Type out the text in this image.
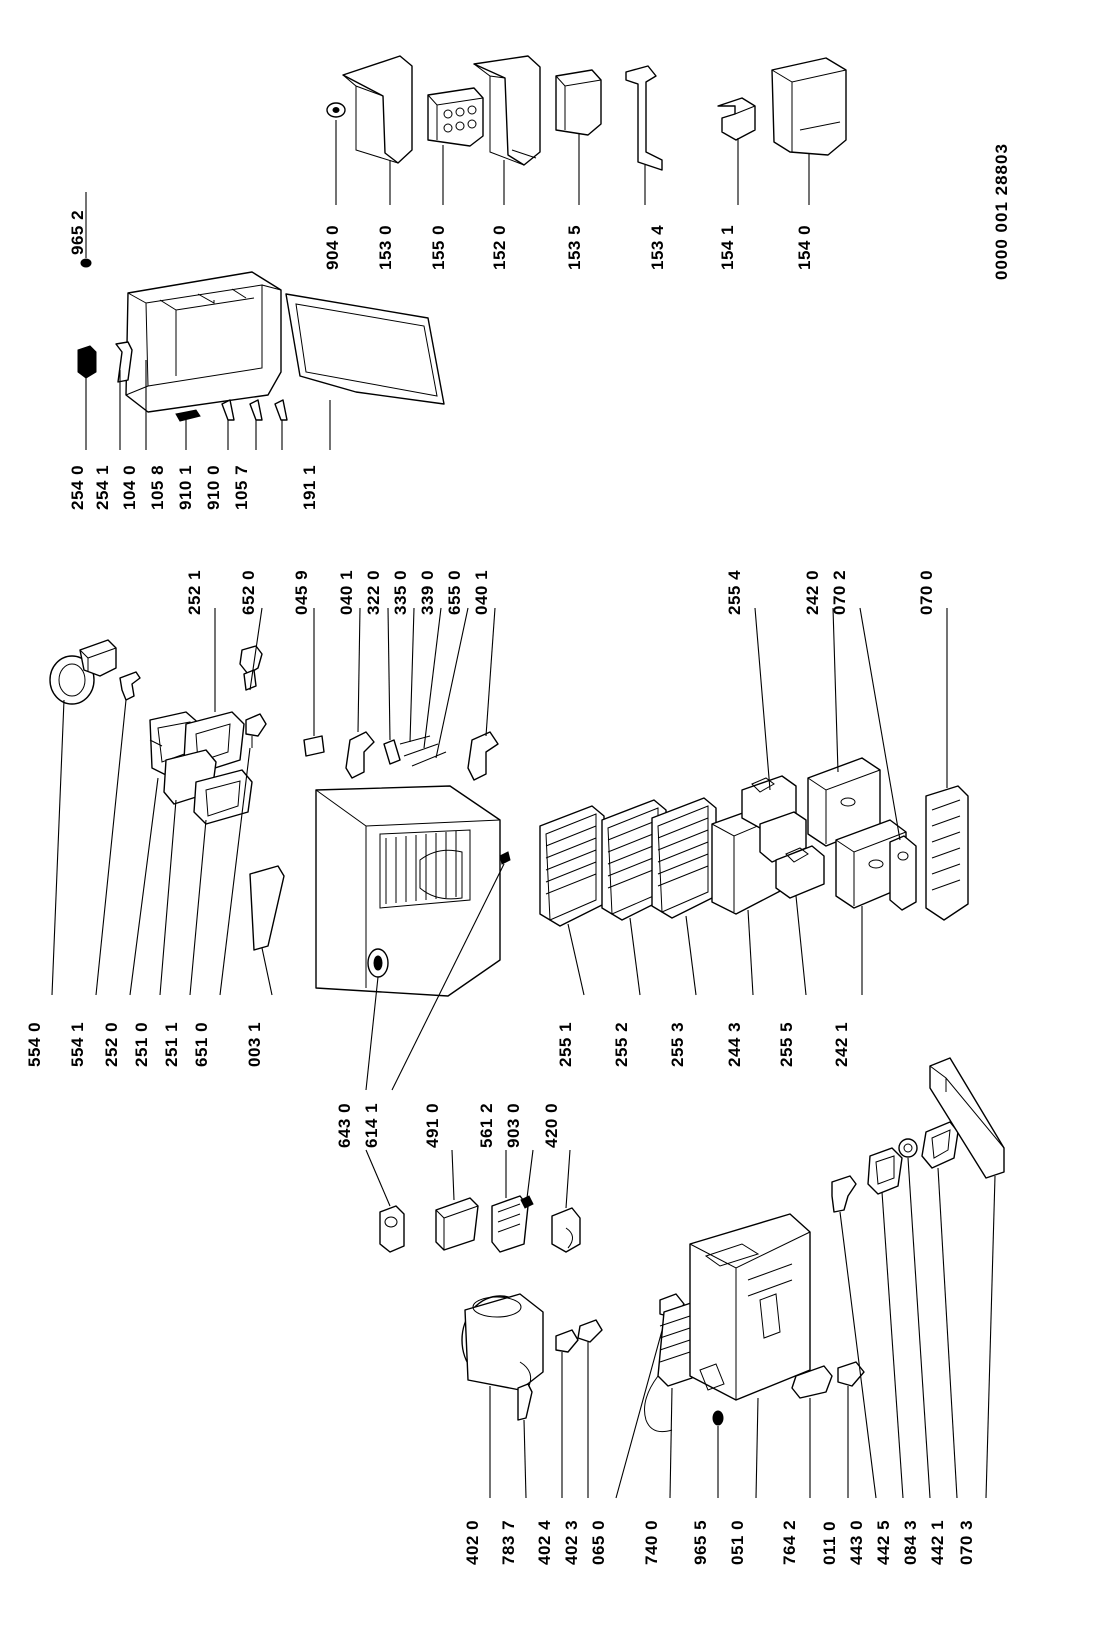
965 2	904 0 153 0 155 0 152 0	153 5	153 4	154 1	154 0
254 0 254 1 104 0 105 8 910 1 910 0 105 7	191 1
252 1 652 0 045 9 040 1 322 0 335 0 339 0 655 0 040 1	255 4	242 0 070 2	070 0
554 0 554 1 252 0 251 0 251 1 651 0 003 1	255 1 255 2 255 3 244 3 255 5 242 1
643 0 614 1 491 0 561 2 903 0 420 0
402 0 783 7 402 4 402 3 065 0 740 0 965 5 051 0 764 2 011 0 443 0 442 5 084 3 442 1 070 3
0000 001 28803
